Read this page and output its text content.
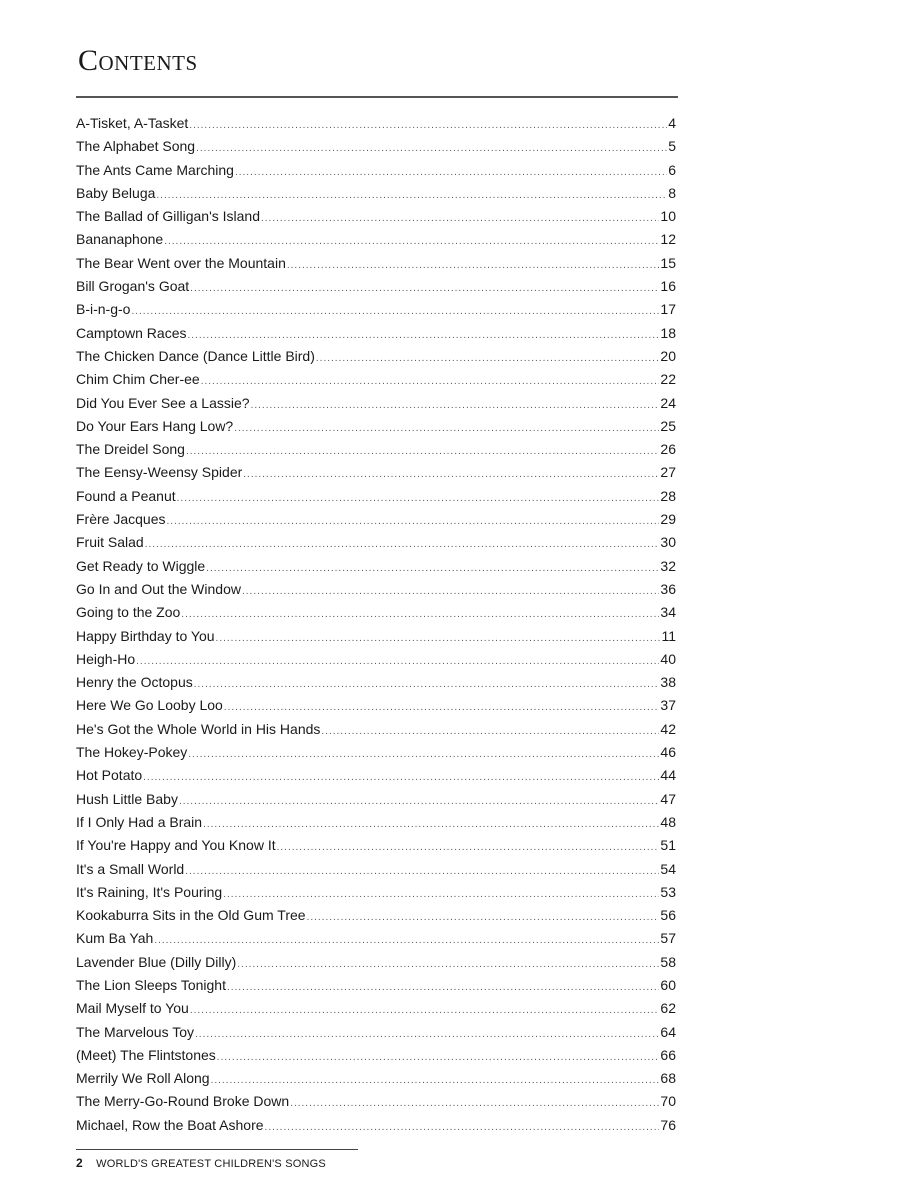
Contents
A-Tisket, A-Tasket .....	4
The Alphabet Song .....	5
The Ants Came Marching .....	6
Baby Beluga .....	8
The Ballad of Gilligan's Island .....	10
Bananaphone .....	12
The Bear Went over the Mountain .....	15
Bill Grogan's Goat .....	16
B-i-n-g-o .....	17
Camptown Races .....	18
The Chicken Dance (Dance Little Bird) .....	20
Chim Chim Cher-ee .....	22
Did You Ever See a Lassie? .....	24
Do Your Ears Hang Low? .....	25
The Dreidel Song .....	26
The Eensy-Weensy Spider .....	27
Found a Peanut .....	28
Frère Jacques .....	29
Fruit Salad .....	30
Get Ready to Wiggle .....	32
Go In and Out the Window .....	36
Going to the Zoo .....	34
Happy Birthday to You .....	11
Heigh-Ho .....	40
Henry the Octopus .....	38
Here We Go Looby Loo .....	37
He's Got the Whole World in His Hands .....	42
The Hokey-Pokey .....	46
Hot Potato .....	44
Hush Little Baby .....	47
If I Only Had a Brain .....	48
If You're Happy and You Know It .....	51
It's a Small World .....	54
It's Raining, It's Pouring .....	53
Kookaburra Sits in the Old Gum Tree .....	56
Kum Ba Yah .....	57
Lavender Blue (Dilly Dilly) .....	58
The Lion Sleeps Tonight .....	60
Mail Myself to You .....	62
The Marvelous Toy .....	64
(Meet) The Flintstones .....	66
Merrily We Roll Along .....	68
The Merry-Go-Round Broke Down .....	70
Michael, Row the Boat Ashore .....	76
2 WORLD'S GREATEST CHILDREN'S SONGS
